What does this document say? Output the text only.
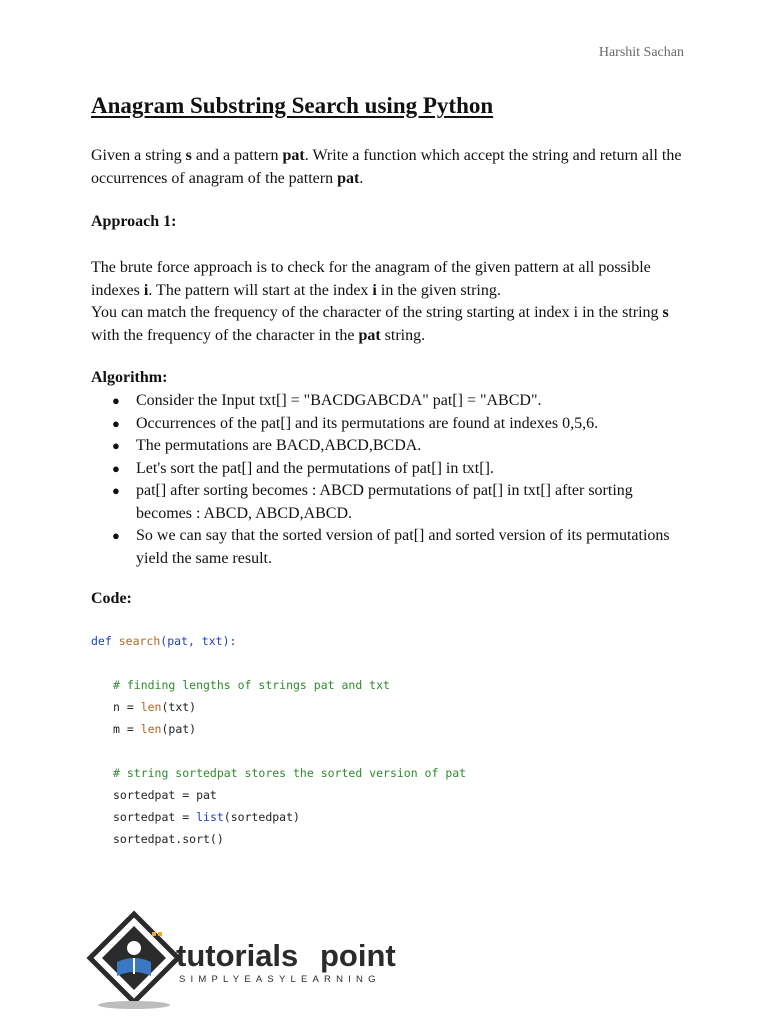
Harshit Sachan
Anagram Substring Search using Python

Given a string s and a pattern pat. Write a function which accept the string and return all the occurrences of anagram of the pattern pat.

Approach 1:

The brute force approach is to check for the anagram of the given pattern at all possible indexes i. The pattern will start at the index i in the given string.
You can match the frequency of the character of the string starting at index i in the string s with the frequency of the character in the pat string.

Algorithm:
● Consider the Input txt[] = "BACDGABCDA" pat[] = "ABCD".
● Occurrences of the pat[] and its permutations are found at indexes 0,5,6.
● The permutations are BACD,ABCD,BCDA.
● Let's sort the pat[] and the permutations of pat[] in txt[].
● pat[] after sorting becomes : ABCD permutations of pat[] in txt[] after sorting becomes : ABCD, ABCD,ABCD.
● So we can say that the sorted version of pat[] and sorted version of its permutations yield the same result.
Code:
def search(pat, txt):
# finding lengths of strings pat and txt
n = len(txt)
m = len(pat)
# string sortedpat stores the sorted version of pat
sortedpat = pat
sortedpat = list(sortedpat)
sortedpat.sort()
tutorials point
SIMPLYEASYLEARNING
